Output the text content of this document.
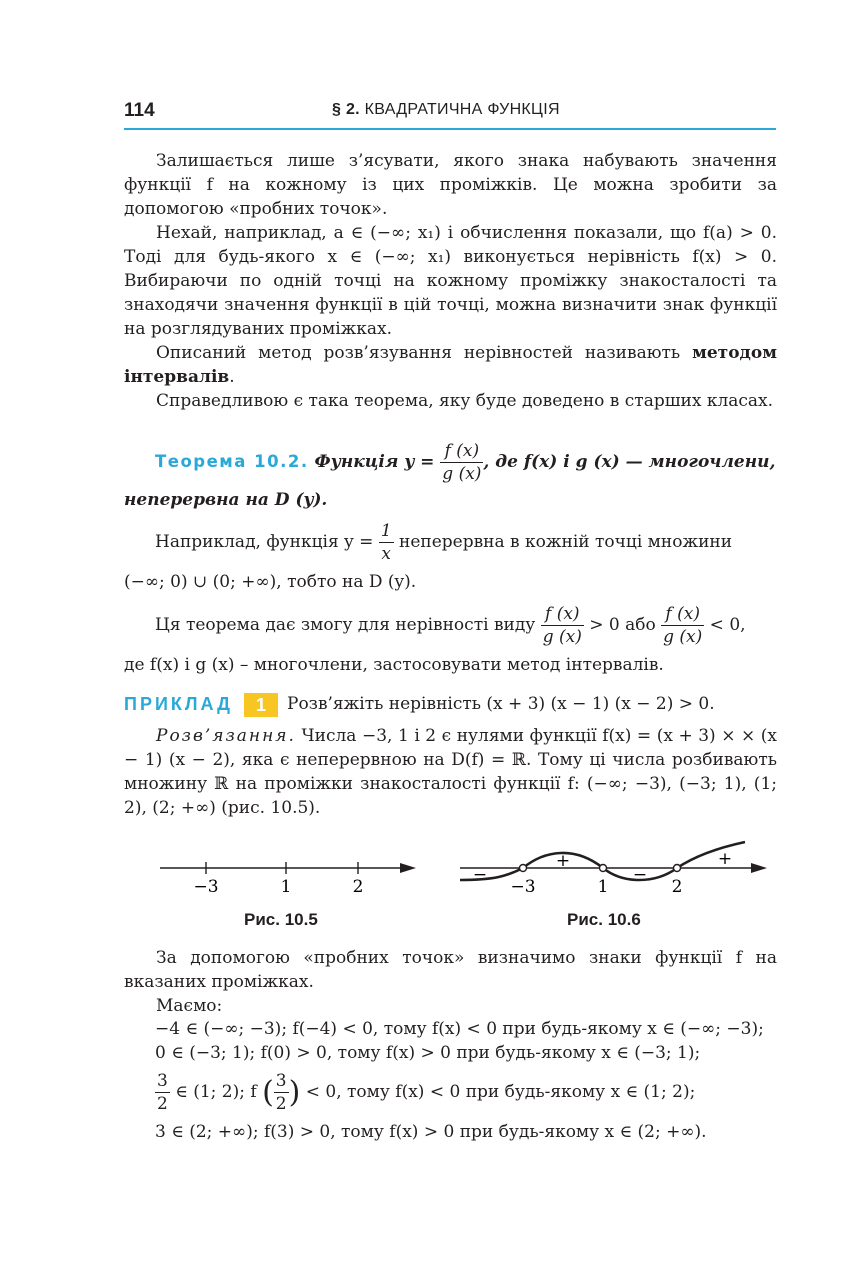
114	§ 2. КВАДРАТИЧНА ФУНКЦІЯ

Залишається лише з’ясувати, якого знака набувають значення функції f на кожному із цих проміжків. Це можна зробити за допомогою «пробних точок».

Нехай, наприклад, a ∈ (−∞; x₁) і обчислення показали, що f(a) > 0. Тоді для будь-якого x ∈ (−∞; x₁) виконується нерівність f(x) > 0. Вибираючи по одній точці на кожному проміжку знакосталості та знаходячи значення функції в цій точці, можна визначити знак функції на розглядуваних проміжках.

Описаний метод розв’язування нерівностей називають методом інтервалів.

Справедливою є така теорема, яку буде доведено в старших класах.

Теорема 10.2. Функція $y = \frac{f (x)}{g (x)}$ , де f(x) і g (x) — многочлени,
неперервна на D (y).
Наприклад, функція $y = \frac{1}{x}$ неперервна в кожній точці множини
(−∞; 0) ∪ (0; +∞), тобто на D (y).
Ця теорема дає змогу для нерівності виду $\frac{f (x)}{g (x)} > 0$ або $\frac{f (x)}{g (x)} < 0$,
де f(x) і g (x) – многочлени, застосовувати метод інтервалів.
ПРИКЛАД	1	Розв’яжіть нерівність (x + 3) (x − 1) (x − 2) > 0.

Розв’язання. Числа −3, 1 і 2 є нулями функції f(x) = (x + 3) × × (x − 1) (x − 2), яка є неперервною на D(f) = ℝ. Тому ці числа розбивають множину ℝ на проміжки знакосталості функції f: (−∞; −3), (−3; 1), (1; 2), (2; +∞) (рис. 10.5).

−3	1	2
Рис. 10.5
−
+
−
+
−3	1	2
Рис. 10.6

За допомогою «пробних точок» визначимо знаки функції f на вказаних проміжках.

Маємо:

−4 ∈ (−∞; −3); f(−4) < 0, тому f(x) < 0 при будь-якому x ∈ (−∞; −3);
0 ∈ (−3; 1); f(0) > 0, тому f(x) > 0 при будь-якому x ∈ (−3; 1);
$\frac{3}{2}$ ∈ (1; 2); f ( $\frac{3}{2}$ ) < 0, тому f(x) < 0 при будь-якому x ∈ (1; 2);
3 ∈ (2; +∞); f(3) > 0, тому f(x) > 0 при будь-якому x ∈ (2; +∞).
